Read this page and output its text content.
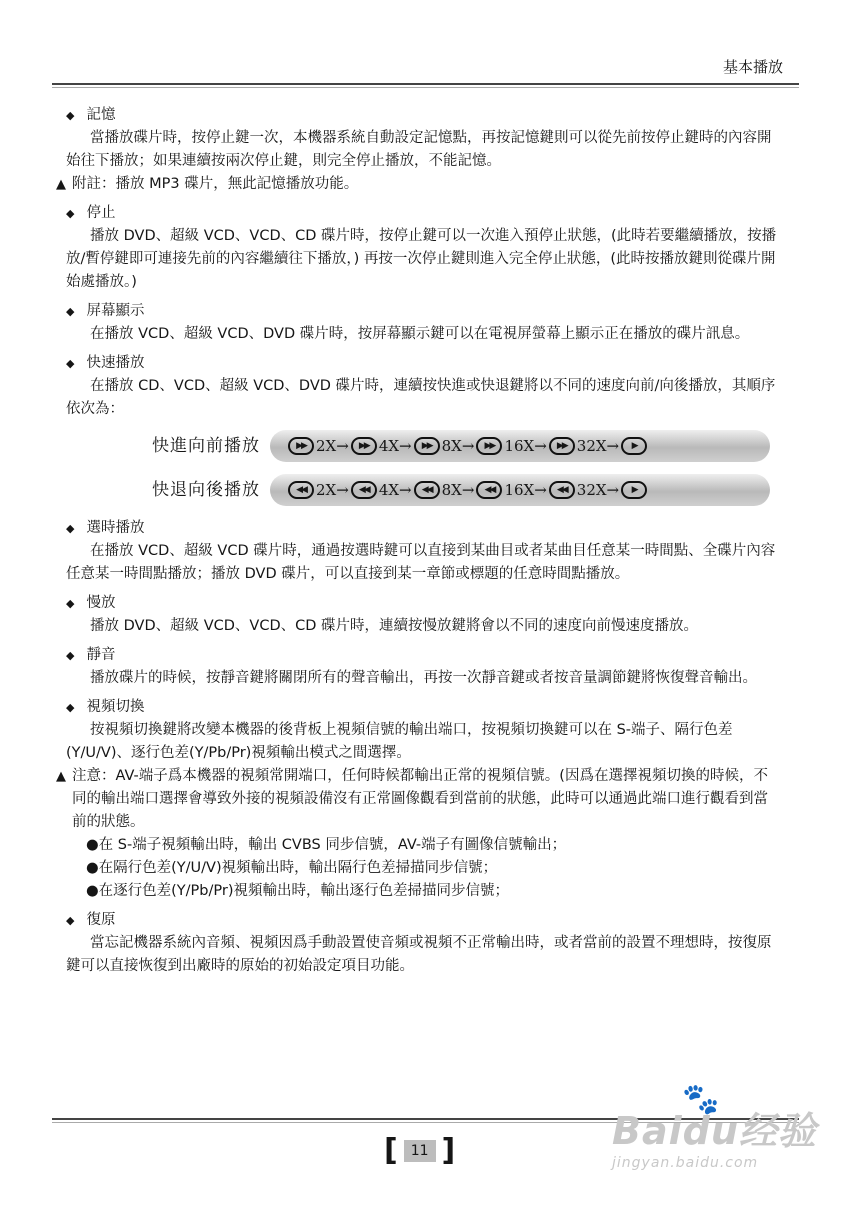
基本播放
◆ 記憶
當播放碟片時，按停止鍵一次，本機器系統自動設定記憶點，再按記憶鍵則可以從先前按停止鍵時的內容開始往下播放；如果連續按兩次停止鍵，則完全停止播放，不能記憶。
▲ 附註：播放 MP3 碟片，無此記憶播放功能。
◆ 停止
播放 DVD、超級 VCD、VCD、CD 碟片時，按停止鍵可以一次進入預停止狀態，(此時若要繼續播放，按播放/暫停鍵即可連接先前的內容繼續往下播放，) 再按一次停止鍵則進入完全停止狀態，(此時按播放鍵則從碟片開始處播放。)
◆ 屏幕顯示
在播放 VCD、超級 VCD、DVD 碟片時，按屏幕顯示鍵可以在電視屏螢幕上顯示正在播放的碟片訊息。
◆ 快速播放
在播放 CD、VCD、超級 VCD、DVD 碟片時，連續按快進或快退鍵將以不同的速度向前/向後播放，其順序依次為：
快進向前播放	▶▶ 2X →	▶▶ 4X →	▶▶ 8X →	▶▶ 16X →	▶▶ 32X →	▶
快退向後播放	◀◀ 2X →	◀◀ 4X →	◀◀ 8X →	◀◀ 16X →	◀◀ 32X →	▶
◆ 選時播放
在播放 VCD、超級 VCD 碟片時，通過按選時鍵可以直接到某曲目或者某曲目任意某一時間點、全碟片內容任意某一時間點播放；播放 DVD 碟片，可以直接到某一章節或標題的任意時間點播放。
◆ 慢放
播放 DVD、超級 VCD、VCD、CD 碟片時，連續按慢放鍵將會以不同的速度向前慢速度播放。
◆ 靜音
播放碟片的時候，按靜音鍵將關閉所有的聲音輸出，再按一次靜音鍵或者按音量調節鍵將恢復聲音輸出。
◆ 視頻切換
按視頻切換鍵將改變本機器的後背板上視頻信號的輸出端口，按視頻切換鍵可以在 S-端子、隔行色差(Y/U/V)、逐行色差(Y/Pb/Pr)視頻輸出模式之間選擇。
▲ 注意：AV-端子爲本機器的視頻常開端口，任何時候都輸出正常的視頻信號。(因爲在選擇視頻切換的時候，不同的輸出端口選擇會導致外接的視頻設備沒有正常圖像觀看到當前的狀態，此時可以通過此端口進行觀看到當前的狀態。
●在 S-端子視頻輸出時，輸出 CVBS 同步信號，AV-端子有圖像信號輸出；
●在隔行色差(Y/U/V)視頻輸出時，輸出隔行色差掃描同步信號；
●在逐行色差(Y/Pb/Pr)視頻輸出時，輸出逐行色差掃描同步信號；
◆ 復原
當忘記機器系統內音頻、視頻因爲手動設置使音頻或視頻不正常輸出時，或者當前的設置不理想時，按復原鍵可以直接恢復到出廠時的原始的初始設定項目功能。
[ 11 ]
🐾
Baidu经验
jingyan.baidu.com
